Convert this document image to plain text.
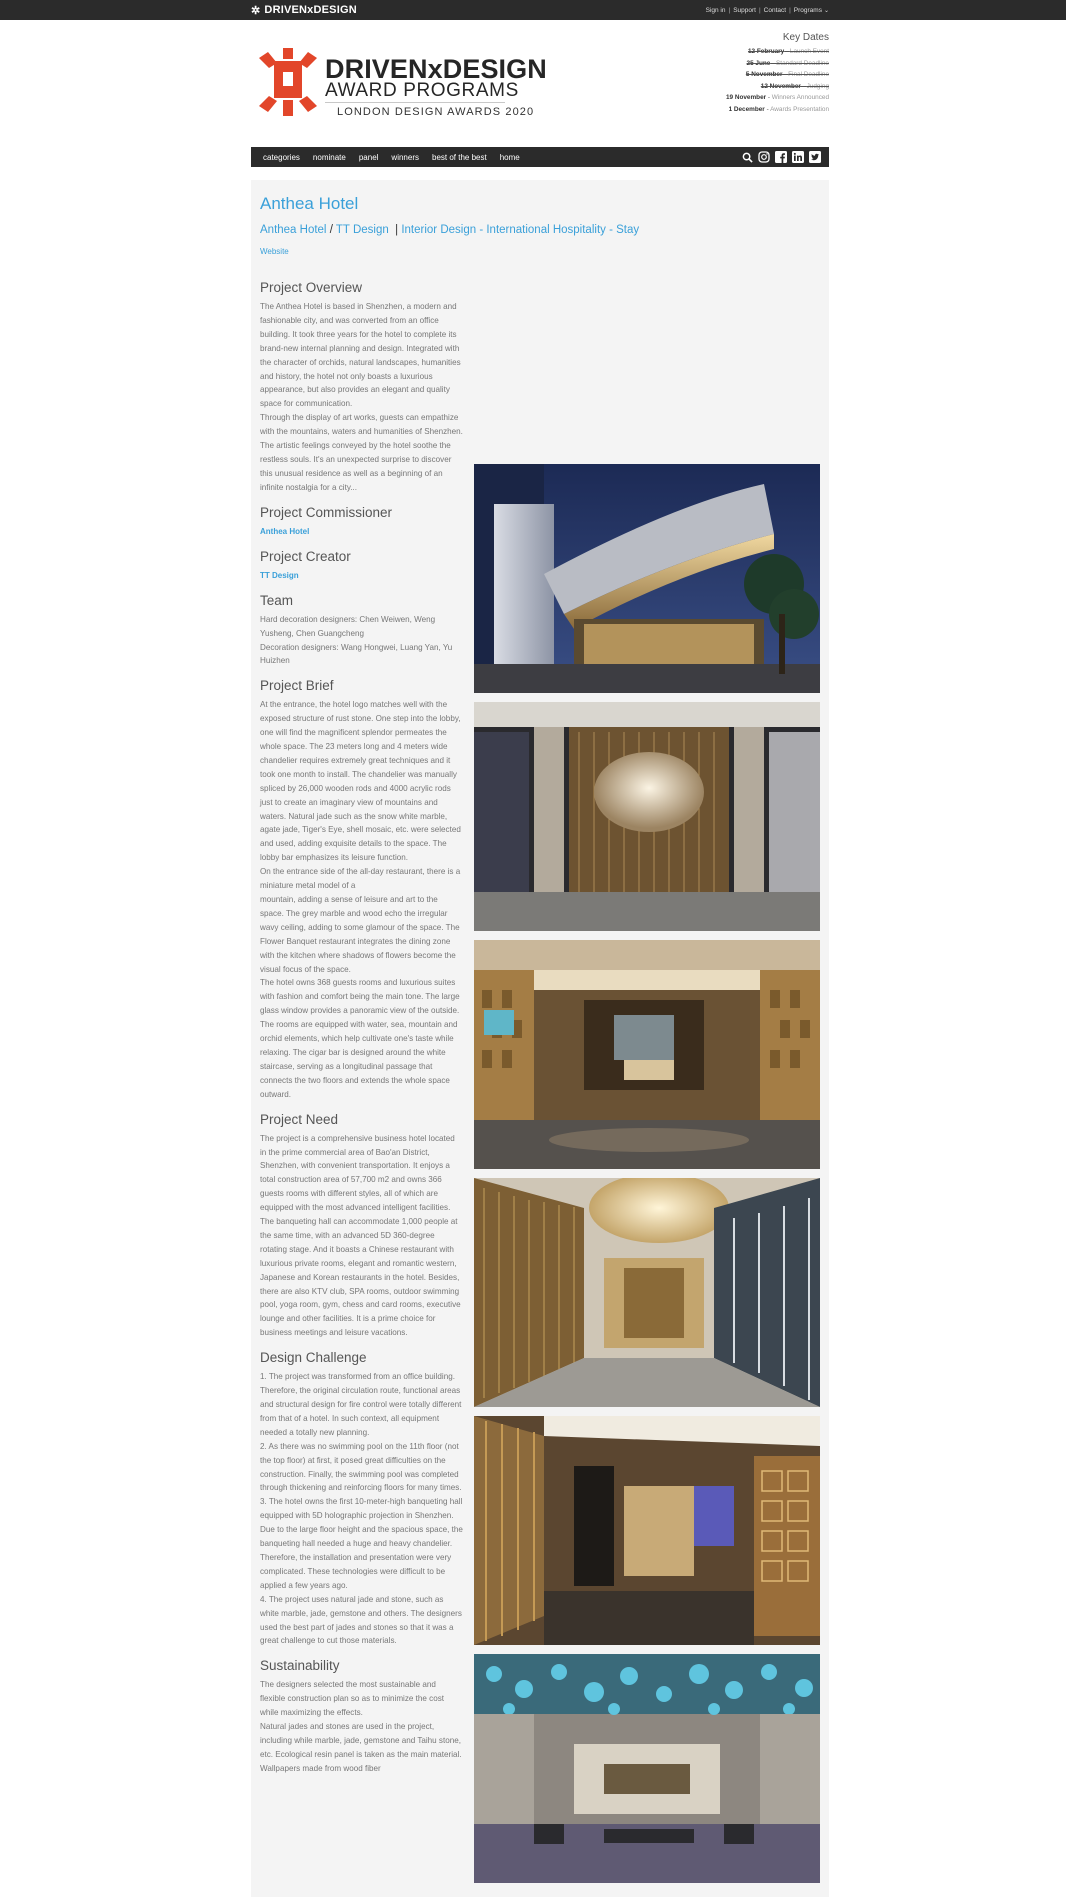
✲ DRIVENxDESIGN	Sign in | Support | Contact | Programs ⌄
DRIVENxDESIGN
AWARD PROGRAMS
LONDON DESIGN AWARDS 2020
Key Dates
12 February - Launch Event
25 June - Standard Deadline
5 November - Final Deadline
12 November - Judging
19 November - Winners Announced
1 December - Awards Presentation
categories nominate panel winners best of the best home
Anthea Hotel
Anthea Hotel / TT Design | Interior Design - International Hospitality - Stay
Website
Project Overview

The Anthea Hotel is based in Shenzhen, a modern and fashionable city, and was converted from an office building. It took three years for the hotel to complete its brand-new internal planning and design. Integrated with the character of orchids, natural landscapes, humanities and history, the hotel not only boasts a luxurious appearance, but also provides an elegant and quality space for communication.

Through the display of art works, guests can empathize with the mountains, waters and humanities of Shenzhen. The artistic feelings conveyed by the hotel soothe the restless souls. It's an unexpected surprise to discover this unusual residence as well as a beginning of an infinite nostalgia for a city...

Project Commissioner
Anthea Hotel
Project Creator
TT Design
Team

Hard decoration designers: Chen Weiwen, Weng Yusheng, Chen Guangcheng

Decoration designers: Wang Hongwei, Luang Yan, Yu Huizhen

Project Brief

At the entrance, the hotel logo matches well with the exposed structure of rust stone. One step into the lobby, one will find the magnificent splendor permeates the whole space. The 23 meters long and 4 meters wide chandelier requires extremely great techniques and it took one month to install. The chandelier was manually spliced by 26,000 wooden rods and 4000 acrylic rods just to create an imaginary view of mountains and waters. Natural jade such as the snow white marble, agate jade, Tiger's Eye, shell mosaic, etc. were selected and used, adding exquisite details to the space. The lobby bar emphasizes its leisure function.

On the entrance side of the all-day restaurant, there is a miniature metal model of a

mountain, adding a sense of leisure and art to the space. The grey marble and wood echo the irregular wavy ceiling, adding to some glamour of the space. The Flower Banquet restaurant integrates the dining zone with the kitchen where shadows of flowers become the visual focus of the space.

The hotel owns 368 guests rooms and luxurious suites with fashion and comfort being the main tone. The large glass window provides a panoramic view of the outside. The rooms are equipped with water, sea, mountain and orchid elements, which help cultivate one's taste while relaxing. The cigar bar is designed around the white staircase, serving as a longitudinal passage that connects the two floors and extends the whole space outward.

Project Need

The project is a comprehensive business hotel located in the prime commercial area of Bao'an District, Shenzhen, with convenient transportation. It enjoys a total construction area of 57,700 m2 and owns 366 guests rooms with different styles, all of which are equipped with the most advanced intelligent facilities. The banqueting hall can accommodate 1,000 people at the same time, with an advanced 5D 360-degree rotating stage. And it boasts a Chinese restaurant with luxurious private rooms, elegant and romantic western, Japanese and Korean restaurants in the hotel. Besides, there are also KTV club, SPA rooms, outdoor swimming pool, yoga room, gym, chess and card rooms, executive lounge and other facilities. It is a prime choice for business meetings and leisure vacations.

Design Challenge

1. The project was transformed from an office building. Therefore, the original circulation route, functional areas and structural design for fire control were totally different from that of a hotel. In such context, all equipment needed a totally new planning.

2. As there was no swimming pool on the 11th floor (not the top floor) at first, it posed great difficulties on the construction. Finally, the swimming pool was completed through thickening and reinforcing floors for many times.

3. The hotel owns the first 10-meter-high banqueting hall equipped with 5D holographic projection in Shenzhen. Due to the large floor height and the spacious space, the banqueting hall needed a huge and heavy chandelier. Therefore, the installation and presentation were very complicated. These technologies were difficult to be applied a few years ago.

4. The project uses natural jade and stone, such as white marble, jade, gemstone and others. The designers used the best part of jades and stones so that it was a great challenge to cut those materials.

Sustainability

The designers selected the most sustainable and flexible construction plan so as to minimize the cost while maximizing the effects.

Natural jades and stones are used in the project, including while marble, jade, gemstone and Taihu stone, etc. Ecological resin panel is taken as the main material. Wallpapers made from wood fiber
